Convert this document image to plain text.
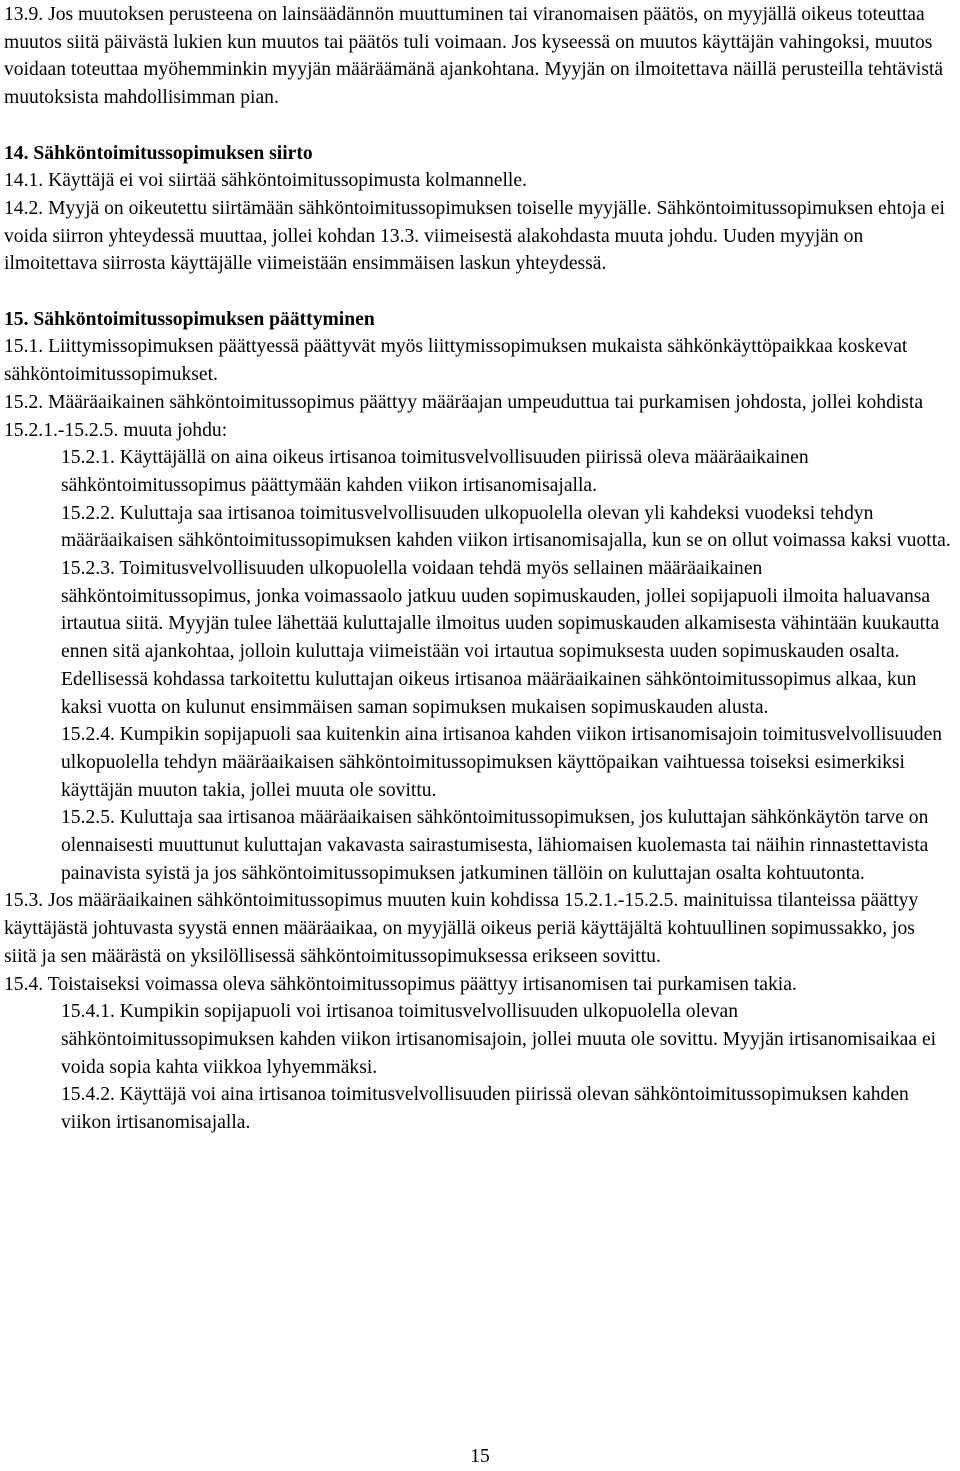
13.9. Jos muutoksen perusteena on lainsäädännön muuttuminen tai viranomaisen päätös, on myyjällä oikeus toteuttaa muutos siitä päivästä lukien kun muutos tai päätös tuli voimaan. Jos kyseessä on muutos käyttäjän vahingoksi, muutos voidaan toteuttaa myöhemminkin myyjän määräämänä ajankohtana. Myyjän on ilmoitettava näillä perusteilla tehtävistä muutoksista mahdollisimman pian.

14. Sähköntoimitussopimuksen siirto

14.1. Käyttäjä ei voi siirtää sähköntoimitussopimusta kolmannelle.

14.2. Myyjä on oikeutettu siirtämään sähköntoimitussopimuksen toiselle myyjälle. Sähköntoimitussopimuksen ehtoja ei voida siirron yhteydessä muuttaa, jollei kohdan 13.3. viimeisestä alakohdasta muuta johdu. Uuden myyjän on ilmoitettava siirrosta käyttäjälle viimeistään ensimmäisen laskun yhteydessä.

15. Sähköntoimitussopimuksen päättyminen

15.1. Liittymissopimuksen päättyessä päättyvät myös liittymissopimuksen mukaista sähkönkäyttöpaikkaa koskevat sähköntoimitussopimukset.

15.2. Määräaikainen sähköntoimitussopimus päättyy määräajan umpeuduttua tai purkamisen johdosta, jollei kohdista 15.2.1.-15.2.5. muuta johdu:

15.2.1. Käyttäjällä on aina oikeus irtisanoa toimitusvelvollisuuden piirissä oleva määräaikainen sähköntoimitussopimus päättymään kahden viikon irtisanomisajalla.

15.2.2. Kuluttaja saa irtisanoa toimitusvelvollisuuden ulkopuolella olevan yli kahdeksi vuodeksi tehdyn määräaikaisen sähköntoimitussopimuksen kahden viikon irtisanomisajalla, kun se on ollut voimassa kaksi vuotta.

15.2.3. Toimitusvelvollisuuden ulkopuolella voidaan tehdä myös sellainen määräaikainen sähköntoimitussopimus, jonka voimassaolo jatkuu uuden sopimuskauden, jollei sopijapuoli ilmoita haluavansa irtautua siitä. Myyjän tulee lähettää kuluttajalle ilmoitus uuden sopimuskauden alkamisesta vähintään kuukautta ennen sitä ajankohtaa, jolloin kuluttaja viimeistään voi irtautua sopimuksesta uuden sopimuskauden osalta. Edellisessä kohdassa tarkoitettu kuluttajan oikeus irtisanoa määräaikainen sähköntoimitussopimus alkaa, kun kaksi vuotta on kulunut ensimmäisen saman sopimuksen mukaisen sopimuskauden alusta.

15.2.4. Kumpikin sopijapuoli saa kuitenkin aina irtisanoa kahden viikon irtisanomisajoin toimitusvelvollisuuden ulkopuolella tehdyn määräaikaisen sähköntoimitussopimuksen käyttöpaikan vaihtuessa toiseksi esimerkiksi käyttäjän muuton takia, jollei muuta ole sovittu.

15.2.5. Kuluttaja saa irtisanoa määräaikaisen sähköntoimitussopimuksen, jos kuluttajan sähkönkäytön tarve on olennaisesti muuttunut kuluttajan vakavasta sairastumisesta, lähiomaisen kuolemasta tai näihin rinnastettavista painavista syistä ja jos sähköntoimitussopimuksen jatkuminen tällöin on kuluttajan osalta kohtuutonta.

15.3. Jos määräaikainen sähköntoimitussopimus muuten kuin kohdissa 15.2.1.-15.2.5. mainituissa tilanteissa päättyy käyttäjästä johtuvasta syystä ennen määräaikaa, on myyjällä oikeus periä käyttäjältä kohtuullinen sopimussakko, jos siitä ja sen määrästä on yksilöllisessä sähköntoimitussopimuksessa erikseen sovittu.

15.4. Toistaiseksi voimassa oleva sähköntoimitussopimus päättyy irtisanomisen tai purkamisen takia.

15.4.1. Kumpikin sopijapuoli voi irtisanoa toimitusvelvollisuuden ulkopuolella olevan sähköntoimitussopimuksen kahden viikon irtisanomisajoin, jollei muuta ole sovittu. Myyjän irtisanomisaikaa ei voida sopia kahta viikkoa lyhyemmäksi.

15.4.2. Käyttäjä voi aina irtisanoa toimitusvelvollisuuden piirissä olevan sähköntoimitussopimuksen kahden viikon irtisanomisajalla.

15
